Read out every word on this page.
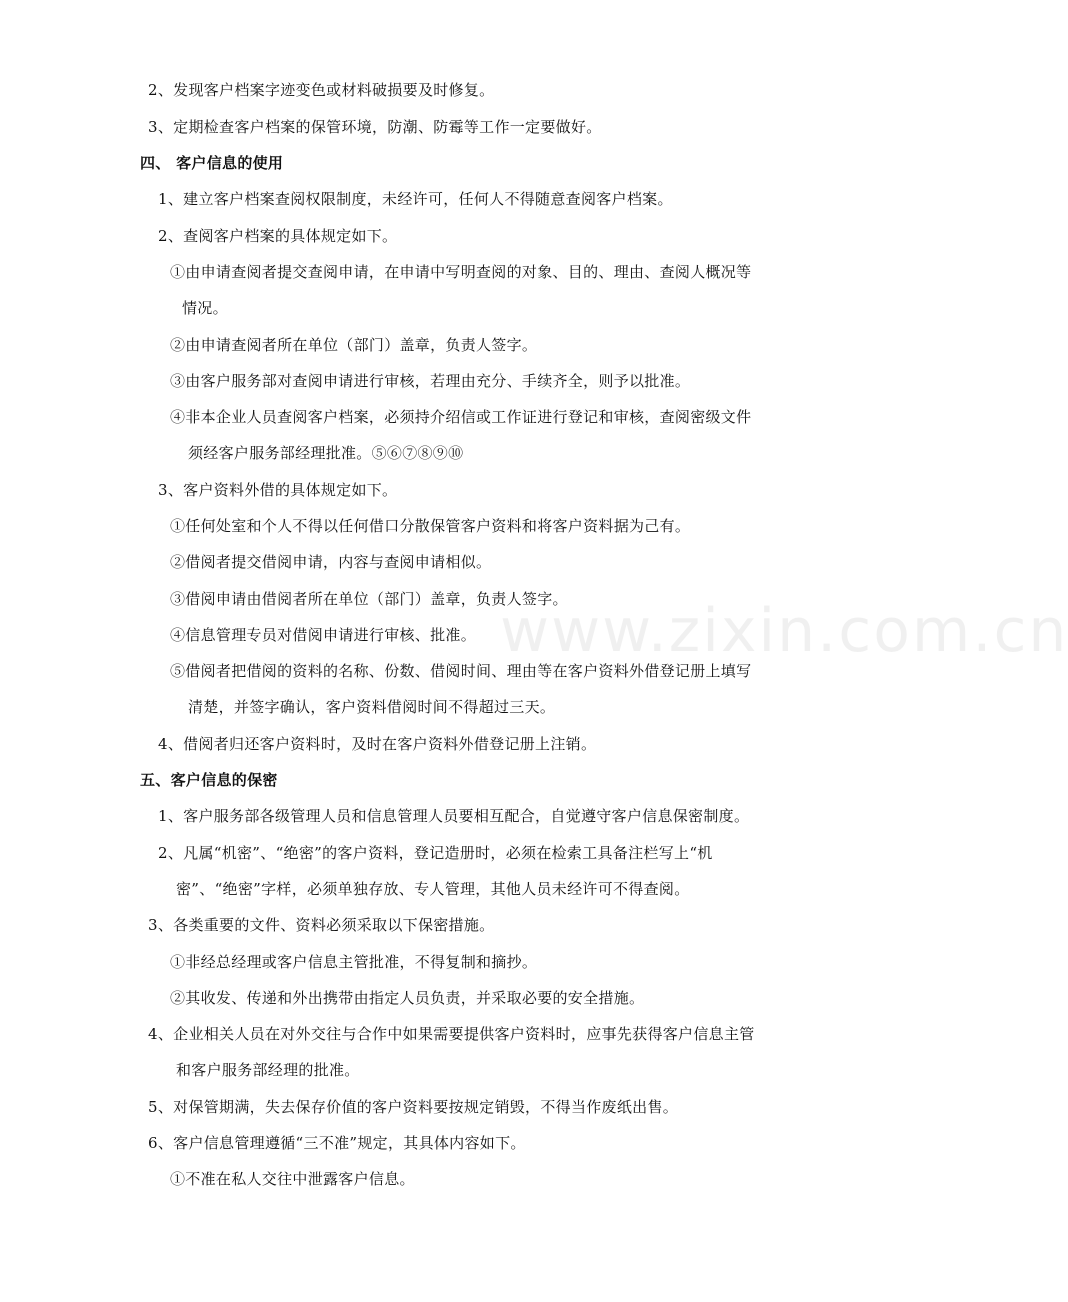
www.zixin.com.cn
2、发现客户档案字迹变色或材料破损要及时修复。
3、定期检查客户档案的保管环境，防潮、防霉等工作一定要做好。
四、 客户信息的使用
1、建立客户档案查阅权限制度，未经许可，任何人不得随意查阅客户档案。
2、查阅客户档案的具体规定如下。
①由申请查阅者提交查阅申请，在申请中写明查阅的对象、目的、理由、查阅人概况等
情况。
②由申请查阅者所在单位（部门）盖章，负责人签字。
③由客户服务部对查阅申请进行审核，若理由充分、手续齐全，则予以批准。
④非本企业人员查阅客户档案，必须持介绍信或工作证进行登记和审核，查阅密级文件
须经客户服务部经理批准。⑤⑥⑦⑧⑨⑩
3、客户资料外借的具体规定如下。
①任何处室和个人不得以任何借口分散保管客户资料和将客户资料据为己有。
②借阅者提交借阅申请，内容与查阅申请相似。
③借阅申请由借阅者所在单位（部门）盖章，负责人签字。
④信息管理专员对借阅申请进行审核、批准。
⑤借阅者把借阅的资料的名称、份数、借阅时间、理由等在客户资料外借登记册上填写
清楚，并签字确认，客户资料借阅时间不得超过三天。
4、借阅者归还客户资料时，及时在客户资料外借登记册上注销。
五、客户信息的保密
1、客户服务部各级管理人员和信息管理人员要相互配合，自觉遵守客户信息保密制度。
2、凡属“机密”、“绝密”的客户资料，登记造册时，必须在检索工具备注栏写上“机
密”、“绝密”字样，必须单独存放、专人管理，其他人员未经许可不得查阅。
3、各类重要的文件、资料必须采取以下保密措施。
①非经总经理或客户信息主管批准，不得复制和摘抄。
②其收发、传递和外出携带由指定人员负责，并采取必要的安全措施。
4、企业相关人员在对外交往与合作中如果需要提供客户资料时，应事先获得客户信息主管
和客户服务部经理的批准。
5、对保管期满，失去保存价值的客户资料要按规定销毁，不得当作废纸出售。
6、客户信息管理遵循“三不准”规定，其具体内容如下。
①不准在私人交往中泄露客户信息。
